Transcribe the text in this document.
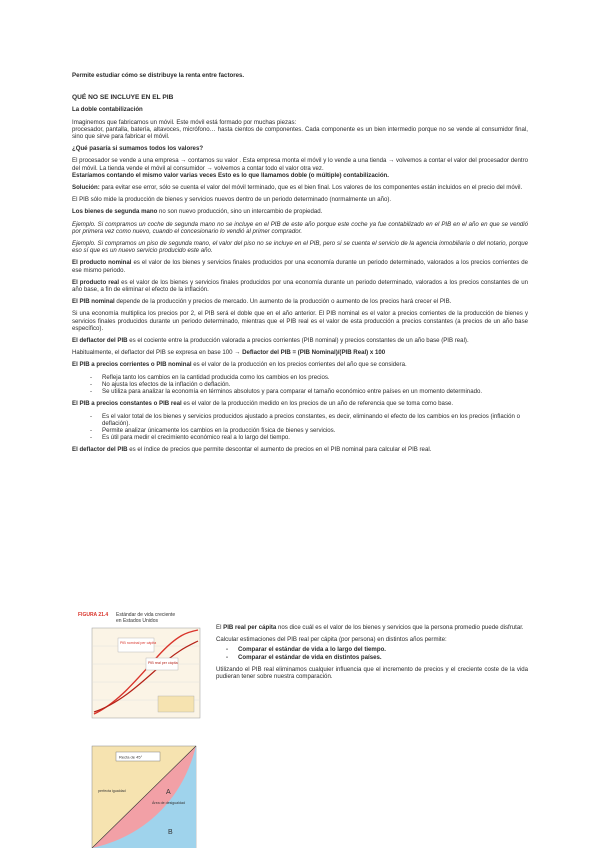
Permite estudiar cómo se distribuye la renta entre factores.

QUÉ NO SE INCLUYE EN EL PIB

La doble contabilización

Imaginemos que fabricamos un móvil. Este móvil está formado por muchas piezas:

procesador, pantalla, batería, altavoces, micrófono… hasta cientos de componentes. Cada componente es un bien intermedio porque no se vende al consumidor final, sino que sirve para fabricar el móvil.

¿Qué pasaría si sumamos todos los valores?

El procesador se vende a una empresa → contamos su valor . Esta empresa monta el móvil y lo vende a una tienda → volvemos a contar el valor del procesador dentro del móvil. La tienda vende el móvil al consumidor → volvemos a contar todo el valor otra vez.

Estaríamos contando el mismo valor varias veces Esto es lo que llamamos doble (o múltiple) contabilización.

Solución: para evitar ese error, sólo se cuenta el valor del móvil terminado, que es el bien final. Los valores de los componentes están incluidos en el precio del móvil.

El PIB sólo mide la producción de bienes y servicios nuevos dentro de un periodo determinado (normalmente un año).

Los bienes de segunda mano no son nuevo producción, sino un intercambio de propiedad.

Ejemplo. Si compramos un coche de segunda mano no se incluye en el PIB de este año porque este coche ya fue contabilizado en el PIB en el año en que se vendió por primera vez como nuevo, cuando el concesionario lo vendió al primer comprador.

Ejemplo. Si compramos un piso de segunda mano, el valor del piso no se incluye en el PIB, pero sí se cuenta el servicio de la agencia inmobiliaria o del notario, porque eso sí que es un nuevo servicio producido este año.

El producto nominal es el valor de los bienes y servicios finales producidos por una economía durante un periodo determinado, valorados a los precios corrientes de ese mismo periodo.

El producto real es el valor de los bienes y servicios finales producidos por una economía durante un periodo determinado, valorados a los precios constantes de un año base, a fin de eliminar el efecto de la inflación.

El PIB nominal depende de la producción y precios de mercado. Un aumento de la producción o aumento de los precios hará crecer el PIB.

Si una economía multiplica los precios por 2, el PIB será el doble que en el año anterior. El PIB nominal es el valor a precios corrientes de la producción de bienes y servicios finales producidos durante un periodo determinado, mientras que el PIB real es el valor de esta producción a precios constantes (a precios de un año base específico).

El deflactor del PIB es el cociente entre la producción valorada a precios corrientes (PIB nominal) y precios constantes de un año base (PIB real).

Habitualmente, el deflactor del PIB se expresa en base 100 → Deflactor del PIB = (PIB Nominal)/(PIB Real) x 100

El PIB a precios corrientes o PIB nominal es el valor de la producción en los precios corrientes del año que se considera.

- Refleja tanto los cambios en la cantidad producida como los cambios en los precios.
- No ajusta los efectos de la inflación o deflación.
- Se utiliza para analizar la economía en términos absolutos y para comparar el tamaño económico entre países en un momento determinado.

El PIB a precios constantes o PIB real es el valor de la producción medido en los precios de un año de referencia que se toma como base.

- Es el valor total de los bienes y servicios producidos ajustado a precios constantes, es decir, eliminando el efecto de los cambios en los precios (inflación o deflación).
- Permite analizar únicamente los cambios en la producción física de bienes y servicios.
- Es útil para medir el crecimiento económico real a lo largo del tiempo.

El deflactor del PIB es el índice de precios que permite descontar el aumento de precios en el PIB nominal para calcular el PIB real.

FIGURA 21.4 Estándar de vida creciente
en Estados Unidos
PIB nominal per cápita
PIB real per cápita
Recta de 45°
perfecta igualdad	A
Área de desigualdad
B

El PIB real per cápita nos dice cuál es el valor de los bienes y servicios que la persona promedio puede disfrutar.

Calcular estimaciones del PIB real per cápita (por persona) en distintos años permite:

- Comparar el estándar de vida a lo largo del tiempo.
- Comparar el estándar de vida en distintos países.

Utilizando el PIB real eliminamos cualquier influencia que el incremento de precios y el creciente coste de la vida pudieran tener sobre nuestra comparación.
